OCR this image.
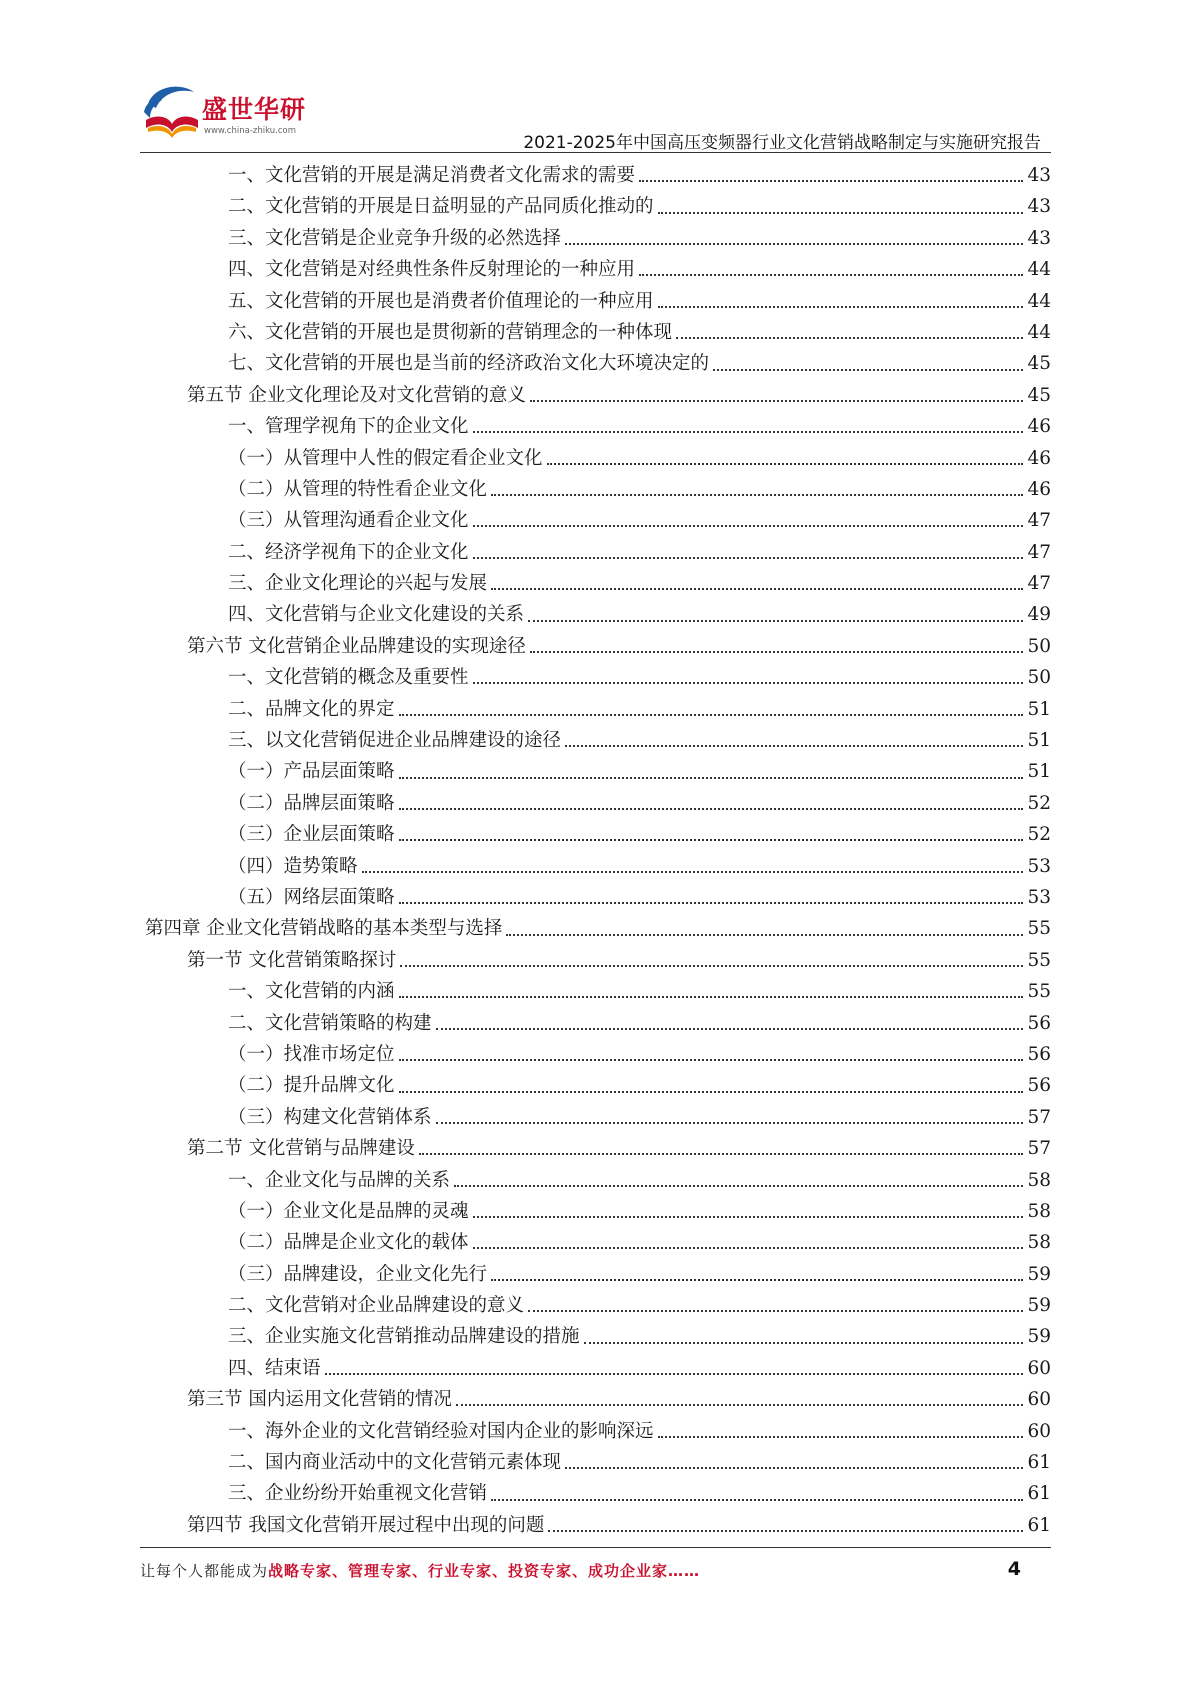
盛世华研
www.china-zhiku.com
2021-2025年中国高压变频器行业文化营销战略制定与实施研究报告
一、文化营销的开展是满足消费者文化需求的需要	43
二、文化营销的开展是日益明显的产品同质化推动的	43
三、文化营销是企业竞争升级的必然选择	43
四、文化营销是对经典性条件反射理论的一种应用	44
五、文化营销的开展也是消费者价值理论的一种应用	44
六、文化营销的开展也是贯彻新的营销理念的一种体现	44
七、文化营销的开展也是当前的经济政治文化大环境决定的	45
第五节 企业文化理论及对文化营销的意义	45
一、管理学视角下的企业文化	46
（一）从管理中人性的假定看企业文化	46
（二）从管理的特性看企业文化	46
（三）从管理沟通看企业文化	47
二、经济学视角下的企业文化	47
三、企业文化理论的兴起与发展	47
四、文化营销与企业文化建设的关系	49
第六节 文化营销企业品牌建设的实现途径	50
一、文化营销的概念及重要性	50
二、品牌文化的界定	51
三、以文化营销促进企业品牌建设的途径	51
（一）产品层面策略	51
（二）品牌层面策略	52
（三）企业层面策略	52
（四）造势策略	53
（五）网络层面策略	53
第四章 企业文化营销战略的基本类型与选择	55
第一节 文化营销策略探讨	55
一、文化营销的内涵	55
二、文化营销策略的构建	56
（一）找准市场定位	56
（二）提升品牌文化	56
（三）构建文化营销体系	57
第二节 文化营销与品牌建设	57
一、企业文化与品牌的关系	58
（一）企业文化是品牌的灵魂	58
（二）品牌是企业文化的载体	58
（三）品牌建设，企业文化先行	59
二、文化营销对企业品牌建设的意义	59
三、企业实施文化营销推动品牌建设的措施	59
四、结束语	60
第三节 国内运用文化营销的情况	60
一、海外企业的文化营销经验对国内企业的影响深远	60
二、国内商业活动中的文化营销元素体现	61
三、企业纷纷开始重视文化营销	61
第四节 我国文化营销开展过程中出现的问题	61
让每个人都能成为战略专家、管理专家、行业专家、投资专家、成功企业家……	4
